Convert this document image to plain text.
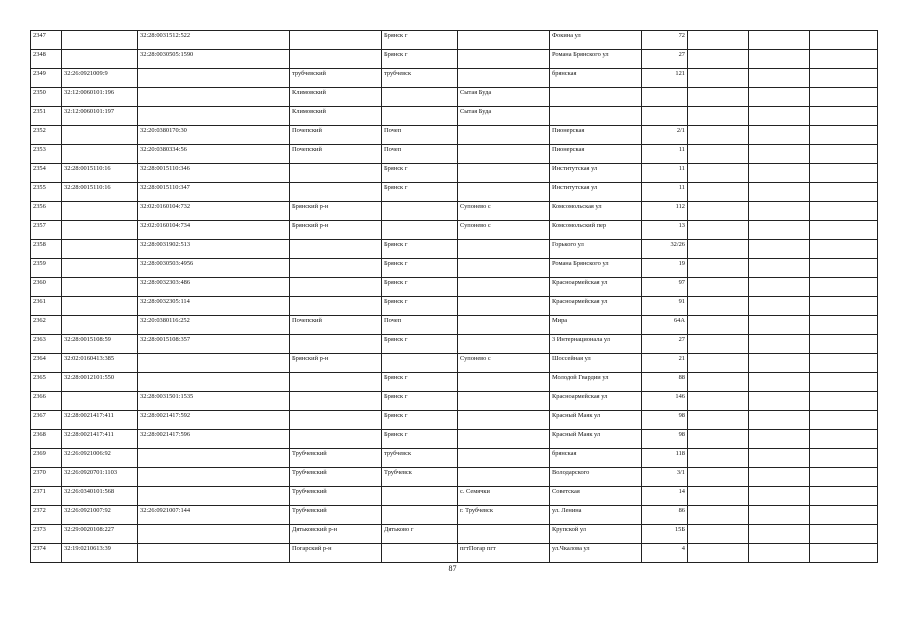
2347		32:28:0031512:522		Брянск г		Фокина ул	72			
2348		32:28:0030505:1590		Брянск г		Романа Брянского ул	27			
2349	32:26:0921009:9		трубчевский	трубчевск		брянская	121			
2350	32:12:0060101:196		Климовский		Сытая Буда					
2351	32:12:0060101:197		Климовский		Сытая Буда					
2352		32:20:0380170:30	Почепский	Почеп		Пионерская	2/1			
2353		32:20:0380334:56	Почепский	Почеп		Пионерская	11			
2354	32:28:0015110:16	32:28:0015110:346		Брянск г		Институтская ул	11			
2355	32:28:0015110:16	32:28:0015110:347		Брянск г		Институтская ул	11			
2356		32:02:0160104:732	Брянский р-н		Супонево с	Комсомольская ул	112			
2357		32:02:0160104:734	Брянский р-н		Супонево с	Комсомольский пер	13			
2358		32:28:0031902:513		Брянск г		Горького ул	32/26			
2359		32:28:0030503:4956		Брянск г		Романа Брянского ул	19			
2360		32:28:0032303:486		Брянск г		Красноармейская ул	97			
2361		32:28:0032305:114		Брянск г		Красноармейская ул	91			
2362		32:20:0380116:252	Почепский	Почеп		Мира	64А			
2363	32:28:0015108:59	32:28:0015108:357		Брянск г		3 Интернационала ул	27			
2364	32:02:0160413:385		Брянский р-н		Супонево с	Шоссейная ул	21			
2365	32:28:0012101:550			Брянск г		Молодой Гвардии ул	88			
2366		32:28:0031501:1535		Брянск г		Красноармейская ул	146			
2367	32:28:0021417:411	32:28:0021417:592		Брянск г		Красный Маяк ул	98			
2368	32:28:0021417:411	32:28:0021417:596		Брянск г		Красный Маяк ул	98			
2369	32:26:0921006:92		Трубчевский	трубчевск		брянская	118			
2370	32:26:0920701:1103		Трубчевский	Трубчевск		Володарского	3/1			
2371	32:26:0340101:568		Трубчевский		с. Семячки	Советская	14			
2372	32:26:0921007:92	32:26:0921007:144	Трубчевский		г. Трубчевск	ул. Ленина	86			
2373	32:29:0020108:227		Дятьковский р-н	Дятьково г		Крупской ул	15Б			
2374	32:19:0210613:39		Погарский р-н		пгтПогар пгт	ул.Чкалова ул	4			
87
